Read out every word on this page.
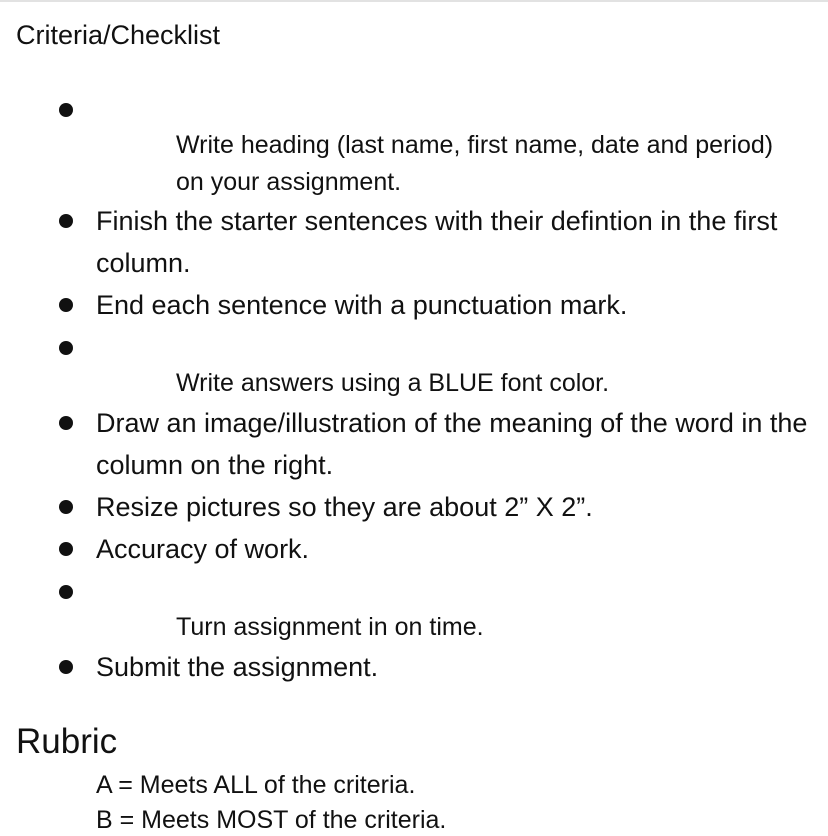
Criteria/Checklist
Write heading (last name, first name, date and period) on your assignment.
Finish the starter sentences with their defintion in the first column.
End each sentence with a punctuation mark.
Write answers using a BLUE font color.
Draw an image/illustration of the meaning of the word in the column on the right.
Resize pictures so they are about 2” X 2”.
Accuracy of work.
Turn assignment in on time.
Submit the assignment.
Rubric
A = Meets ALL of the criteria.
B = Meets MOST of the criteria.
